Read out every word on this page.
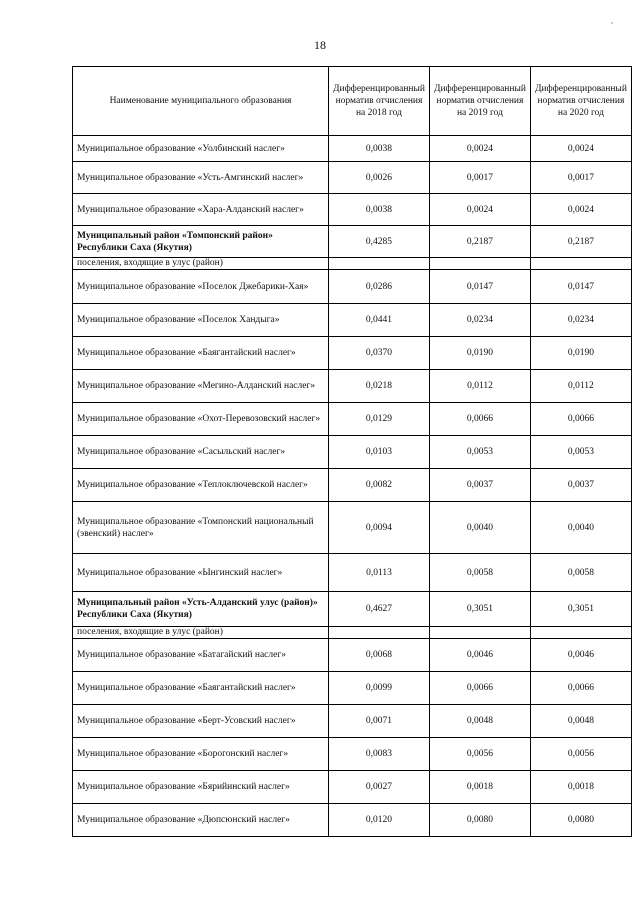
18
,
Наименование муниципального образования	Дифференцированный норматив отчисления на 2018 год	Дифференцированный норматив отчисления на 2019 год	Дифференцированный норматив отчисления на 2020 год
Муниципальное образование «Уолбинский наслег»	0,0038	0,0024	0,0024
Муниципальное образование «Усть-Амгинский наслег»	0,0026	0,0017	0,0017
Муниципальное образование «Хара-Алданский наслег»	0,0038	0,0024	0,0024
Муниципальный район «Томпонский район» Республики Саха (Якутия)	0,4285	0,2187	0,2187
поселения, входящие в улус (район)			
Муниципальное образование «Поселок Джебарики-Хая»	0,0286	0,0147	0,0147
Муниципальное образование «Поселок Хандыга»	0,0441	0,0234	0,0234
Муниципальное образование «Баягантайский наслег»	0,0370	0,0190	0,0190
Муниципальное образование «Мегино-Алданский наслег»	0,0218	0,0112	0,0112
Муниципальное образование «Охот-Перевозовский наслег»	0,0129	0,0066	0,0066
Муниципальное образование «Сасыльский наслег»	0,0103	0,0053	0,0053
Муниципальное образование «Теплоключевской наслег»	0,0082	0,0037	0,0037
Муниципальное образование «Томпонский национальный (эвенский) наслег»	0,0094	0,0040	0,0040
Муниципальное образование «Ынгинский наслег»	0,0113	0,0058	0,0058
Муниципальный район «Усть-Алданский улус (район)» Республики Саха (Якутия)	0,4627	0,3051	0,3051
поселения, входящие в улус (район)			
Муниципальное образование «Батагайский наслег»	0,0068	0,0046	0,0046
Муниципальное образование «Баягантайский наслег»	0,0099	0,0066	0,0066
Муниципальное образование «Берт-Усовский наслег»	0,0071	0,0048	0,0048
Муниципальное образование «Борогонский наслег»	0,0083	0,0056	0,0056
Муниципальное образование «Бярийинский наслег»	0,0027	0,0018	0,0018
Муниципальное образование «Дюпсюнский наслег»	0,0120	0,0080	0,0080
